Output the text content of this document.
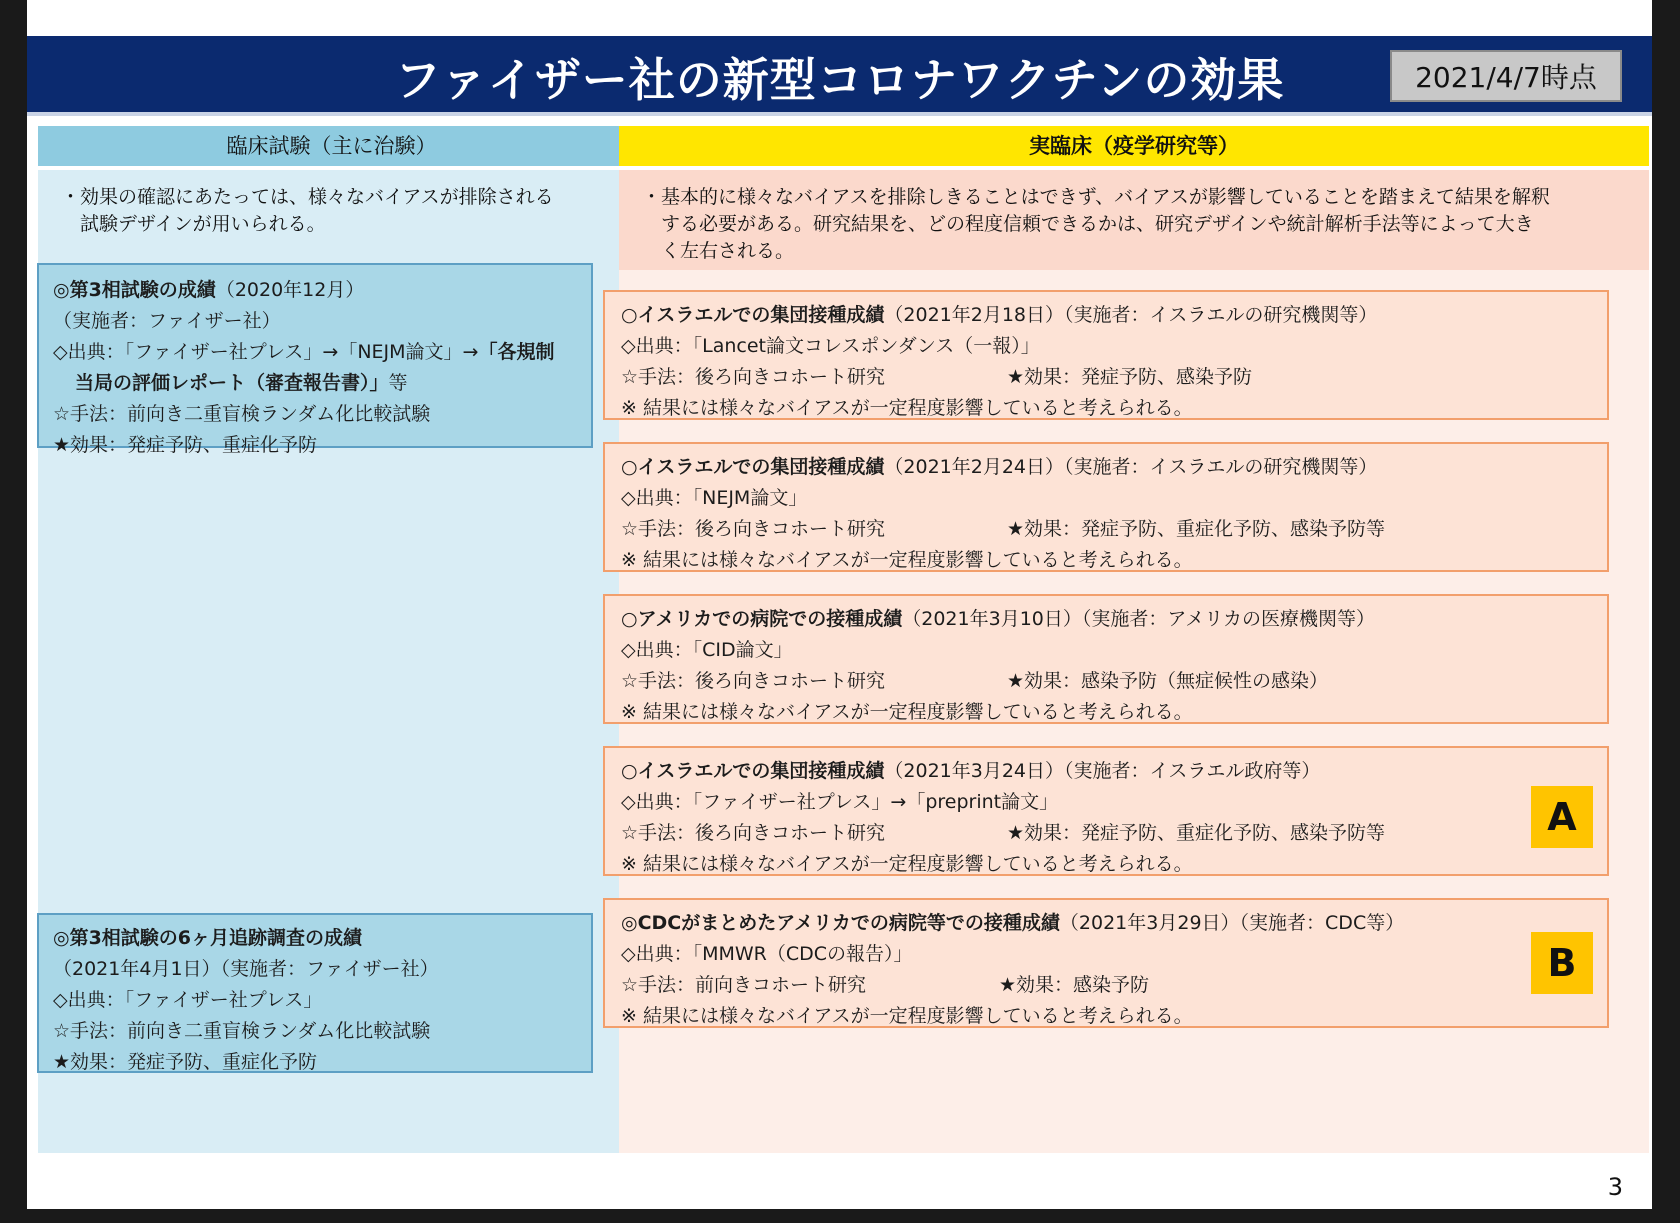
ファイザー社の新型コロナワクチンの効果	2021/4/7時点
臨床試験（主に治験）	実臨床（疫学研究等）
・効果の確認にあたっては、様々なバイアスが排除される
　試験デザインが用いられる。
・基本的に様々なバイアスを排除しきることはできず、バイアスが影響していることを踏まえて結果を解釈
　する必要がある。研究結果を、どの程度信頼できるかは、研究デザインや統計解析手法等によって大き
　く左右される。
◎第3相試験の成績（2020年12月）
（実施者：ファイザー社）
◇出典：「ファイザー社プレス」→「NEJM論文」→「各規制
当局の評価レポート（審査報告書）」等
☆手法：前向き二重盲検ランダム化比較試験
★効果：発症予防、重症化予防
◎第3相試験の6ヶ月追跡調査の成績
（2021年4月1日）（実施者：ファイザー社）
◇出典：「ファイザー社プレス」
☆手法：前向き二重盲検ランダム化比較試験
★効果：発症予防、重症化予防
○イスラエルでの集団接種成績（2021年2月18日）（実施者：イスラエルの研究機関等）
◇出典：「Lancet論文コレスポンダンス（一報）」
☆手法：後ろ向きコホート研究	★効果：発症予防、感染予防
※ 結果には様々なバイアスが一定程度影響していると考えられる。
○イスラエルでの集団接種成績（2021年2月24日）（実施者：イスラエルの研究機関等）
◇出典：「NEJM論文」
☆手法：後ろ向きコホート研究	★効果：発症予防、重症化予防、感染予防等
※ 結果には様々なバイアスが一定程度影響していると考えられる。
○アメリカでの病院での接種成績（2021年3月10日）（実施者：アメリカの医療機関等）
◇出典：「CID論文」
☆手法：後ろ向きコホート研究	★効果：感染予防（無症候性の感染）
※ 結果には様々なバイアスが一定程度影響していると考えられる。
○イスラエルでの集団接種成績（2021年3月24日）（実施者：イスラエル政府等）
◇出典：「ファイザー社プレス」→「preprint論文」
☆手法：後ろ向きコホート研究	★効果：発症予防、重症化予防、感染予防等
※ 結果には様々なバイアスが一定程度影響していると考えられる。
A
◎CDCがまとめたアメリカでの病院等での接種成績（2021年3月29日）（実施者：CDC等）
◇出典：「MMWR（CDCの報告）」
☆手法：前向きコホート研究	★効果：感染予防
※ 結果には様々なバイアスが一定程度影響していると考えられる。
B
3
